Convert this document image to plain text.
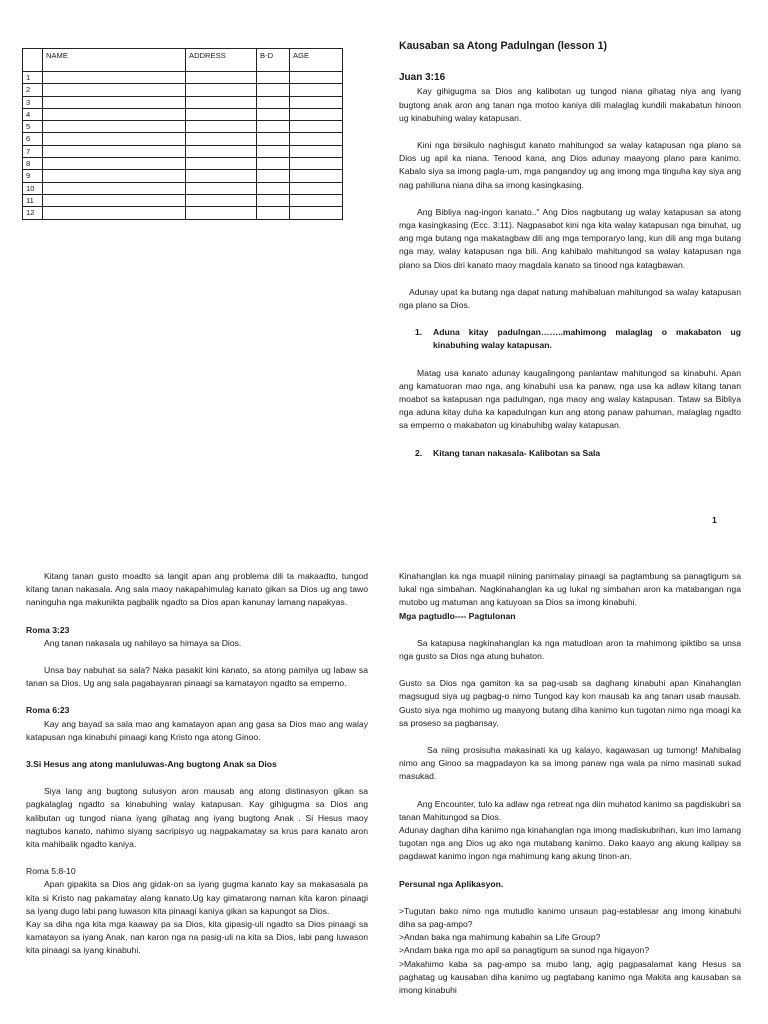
	NAME	ADDRESS	B-D	AGE
1				
2				
3				
4				
5				
6				
7				
8				
9				
10				
11				
12				

Kausaban sa Atong Padulngan (lesson 1)

Juan 3:16

Kay gihigugma sa Dios ang kalibotan ug tungod niana gihatag niya ang iyang bugtong anak aron ang tanan nga motoo kaniya dili malaglag kundili makabatun hinoon ug kinabuhing walay katapusan.

Kini nga birsikulo naghisgut kanato mahitungod sa walay katapusan nga plano sa Dios ug apil ka niana. Tenood kana, ang Dios adunay maayong plano para kanimo. Kabalo siya sa imong pagla-um, mga pangandoy ug ang imong mga tinguha kay siya ang nag pahiliuna niana diha sa imong kasingkasing.

Ang Bibliya nag-ingon kanato.." Ang Dios nagbutang ug walay katapusan sa atong mga kasingkasing (Ecc. 3:11). Nagpasabot kini nga kita walay katapusan nga binuhat, ug ang mga butang nga makatagbaw dili ang mga temporaryo lang, kun dili ang mga butang nga may, walay katapusan nga bili. Ang kahibalo mahitungod sa walay katapusan nga plano sa Dios diri kanato maoy magdala kanato sa tinood nga katagbawan.

Adunay upat ka butang nga dapat natung mahibaluan mahitungod sa walay katapusan nga plano sa Dios.

1.	Aduna kitay padulngan……..mahimong malaglag o makabaton ug kinabuhing walay katapusan.

Matag usa kanato adunay kaugalingong panlantaw mahitungod sa kinabuhi. Apan ang kamatuoran mao nga, ang kinabuhi usa ka panaw, nga usa ka adlaw kitang tanan moabot sa katapusan nga padulngan, nga maoy ang walay katapusan. Tataw sa Bibliya nga aduna kitay duha ka kapadulngan kun ang atong panaw pahuman, malaglag ngadto sa emperno o makabaton ug kinabuhibg walay katapusan.

2.	Kitang tanan nakasala- Kalibotan sa Sala
1

Kitang tanan gusto moadto sa langit apan ang problema dili ta makaadto, tungod kitang tanan nakasala. Ang sala maoy nakapahimulag kanato gikan sa Dios ug ang tawo naninguha nga makunikta pagbalik ngadto sa Dios apan kanunay lamang napakyas.

Roma 3:23

Ang tanan nakasala ug nahilayo sa himaya sa Dios.

Unsa bay nabuhat sa sala? Naka pasakit kini kanato, sa atong pamilya ug labaw sa tanan sa Dios. Ug ang sala pagabayaran pinaagi sa kamatayon ngadto sa emperno.

Roma 6:23

Kay ang bayad sa sala mao ang kamatayon apan ang gasa sa Dios mao ang walay katapusan nga kinabuhi pinaagi kang Kristo nga atong Ginoo.

3.Si Hesus ang atong manluluwas-Ang bugtong Anak sa Dios

Siya lang ang bugtong sulusyon aron mausab ang atong distinasyon gikan sa pagkalaglag ngadto sa kinabuhing walay katapusan. Kay gihigugma sa Dios ang kalibutan ug tungod niana iyang gihatag ang iyang bugtong Anak . Si Hesus maoy nagtubos kanato, nahimo siyang sacripisyo ug nagpakamatay sa krus para kanato aron kita mahibalik ngadto kaniya.

Roma 5:8-10

Apan gipakita sa Dios ang gidak-on sa iyang gugma kanato kay sa makasasala pa kita si Kristo nag pakamatay alang kanato.Ug kay gimatarong naman kita karon pinaagi sa iyang dugo labi pang luwason kita pinaagi kaniya gikan sa kapungot sa Dios.

Kay sa diha nga kita mga kaaway pa sa Dios, kita gipasig-uli ngadto sa Dios pinaagi sa kamatayon sa iyang Anak, nan karon nga na pasig-uli na kita sa Dios, labi pang luwason kita pinaagi sa iyang kinabuhi.

Kinahanglan ka nga muapil niining panimalay pinaagi sa pagtambung sa panagtigum sa lukal nga simbahan. Nagkinahanglan ka ug lukal ng simbahan aron ka matabangan nga mutobo ug matuman ang katuyoan sa Dios sa imong kinabuhi.

Mga pagtudlo---- Pagtulonan

Sa katapusa nagkinahanglan ka nga matudloan aron ta mahimong ipiktibo sa unsa nga gusto sa Dios nga atung buhaton.

Gusto sa Dios nga gamiton ka sa pag-usab sa daghang kinabuhi apan Kinahanglan magsugud siya ug pagbag-o nimo Tungod kay kon mausab ka ang tanan usab mausab. Gusto siya nga mohimo ug maayong butang diha kanimo kun tugotan nimo nga moagi ka sa proseso sa pagbansay.

Sa niing prosisuha makasinati ka ug kalayo, kagawasan ug tumong! Mahibalag nimo ang Ginoo sa magpadayon ka sa imong panaw nga wala pa nimo masinati sukad masukad.

Ang Encounter, tulo ka adlaw nga retreat nga diin muhatod kanimo sa pagdiskubri sa tanan Mahitungod sa Dios.

Adunay daghan diha kanimo nga kinahanglan nga imong madiskubrihan, kun imo lamang tugotan nga ang Dios ug ako nga mutabang kanimo. Dako kaayo ang akung kalipay sa pagdawat kanimo ingon nga mahimung kang akung tinon-an.

Persunal nga Aplikasyon.

>Tugutan bako nimo nga mutudlo kanimo unsaun pag-establesar ang imong kinabuhi diha sa pag-ampo?

>Andan baka nga mahimung kabahin sa Life Group?

>Andam baka nga mo apil sa panagtigum sa sunod nga higayon?

>Makahimo kaba sa pag-ampo sa mubo lang, agig pagpasalamat kang Hesus sa paghatag ug kausaban diha kanimo ug pagtabang kanimo nga Makita ang kausaban sa imong kinabuhi
